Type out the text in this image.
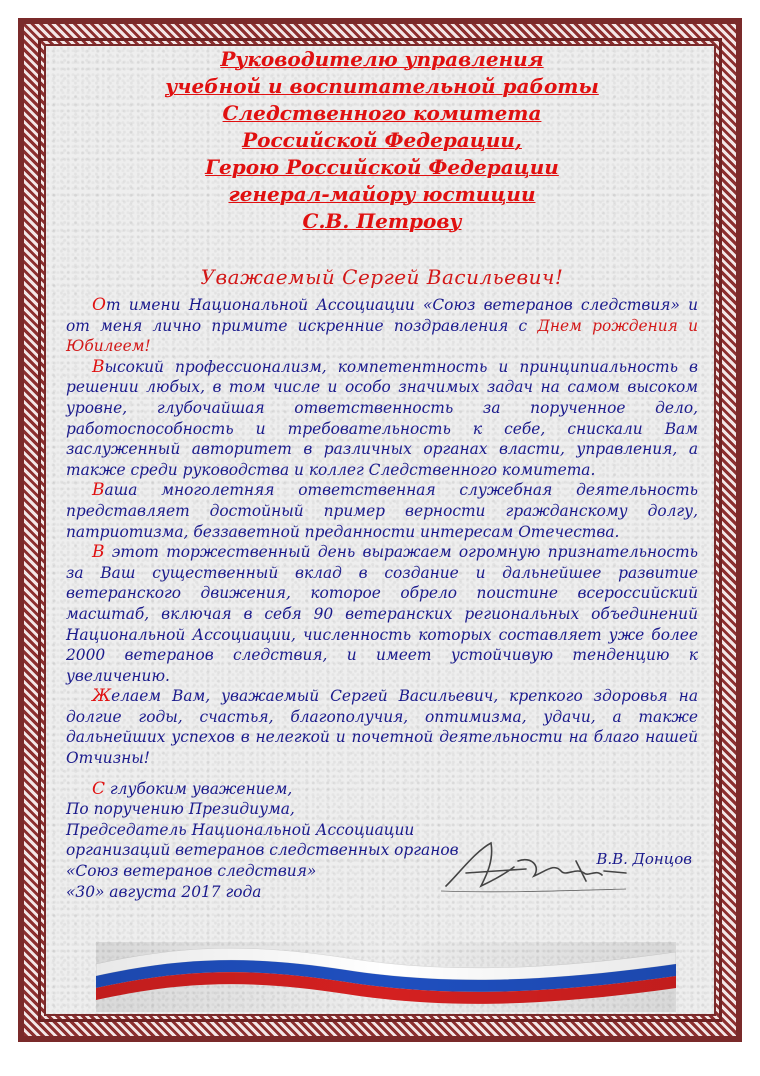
Руководителю управления
учебной и воспитательной работы
Следственного комитета
Российской Федерации,
Герою Российской Федерации
генерал-майору юстиции
С.В. Петрову
Уважаемый Сергей Васильевич!

От имени Национальной Ассоциации «Союз ветеранов следствия» и от меня лично примите искренние поздравления с Днем рождения и Юбилеем!

Высокий профессионализм, компетентность и принципиальность в решении любых, в том числе и особо значимых задач на самом высоком уровне, глубочайшая ответственность за порученное дело, работоспособность и требовательность к себе, снискали Вам заслуженный авторитет в различных органах власти, управления, а также среди руководства и коллег Следственного комитета.

Ваша многолетняя ответственная служебная деятельность представляет достойный пример верности гражданскому долгу, патриотизма, беззаветной преданности интересам Отечества.

В этот торжественный день выражаем огромную признательность за Ваш существенный вклад в создание и дальнейшее развитие ветеранского движения, которое обрело поистине всероссийский масштаб, включая в себя 90 ветеранских региональных объединений Национальной Ассоциации, численность которых составляет уже более 2000 ветеранов следствия, и имеет устойчивую тенденцию к увеличению.

Желаем Вам, уважаемый Сергей Васильевич, крепкого здоровья на долгие годы, счастья, благополучия, оптимизма, удачи, а также дальнейших успехов в нелегкой и почетной деятельности на благо нашей Отчизны!

С глубоким уважением,
По поручению Президиума,
Председатель Национальной Ассоциации
организаций ветеранов следственных органов
«Союз ветеранов следствия»
«30» августа 2017 года
В.В. Донцов
